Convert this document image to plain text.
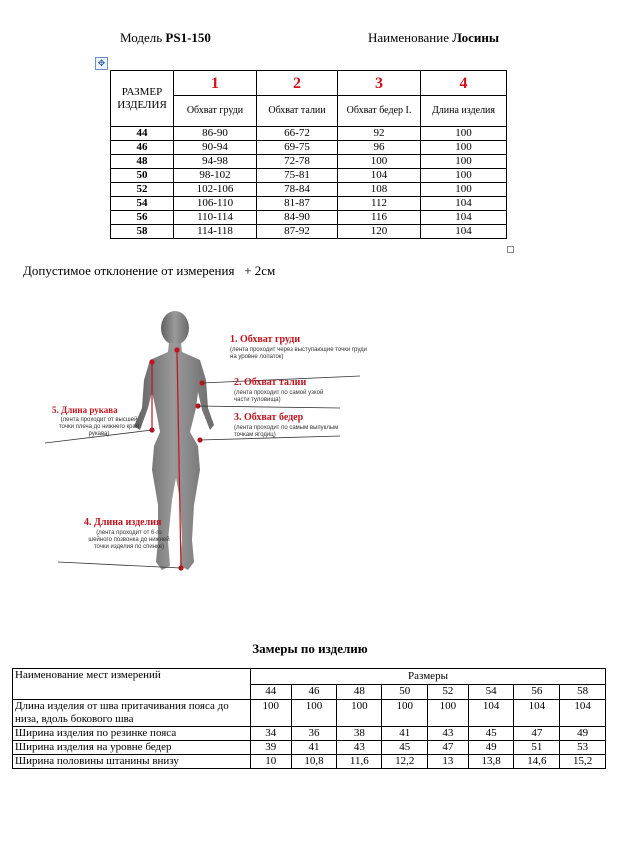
Модель PS1-150	Наименование Лосины
✥
РАЗМЕР ИЗДЕЛИЯ	1	2	3	4
	Обхват груди	Обхват талии	Обхват бедер I.	Длина изделия
44	86-90	66-72	92	100
46	90-94	69-75	96	100
48	94-98	72-78	100	100
50	98-102	75-81	104	100
52	102-106	78-84	108	100
54	106-110	81-87	112	104
56	110-114	84-90	116	104
58	114-118	87-92	120	104
Допустимое отклонение от измерения + 2см
1. Обхват груди
(лента проходит через выступающие точки груди на уровне лопаток)
2. Обхват талии
(лента проходит по самой узкой части туловища)
3. Обхват бедер
(лента проходит по самым выпуклым точкам ягодиц)
5. Длина рукава
(лента проходит от высшей точки плеча до нижнего края рукава)
4. Длина изделия
(лента проходит от 6-го шейного позвонка до нижней точки изделия по спинке)
Замеры по изделию
Наименование мест измерений	Размеры							
	44	46	48	50	52	54	56	58
Длина изделия от шва притачивания пояса до низа, вдоль бокового шва	100	100	100	100	100	104	104	104
Ширина изделия по резинке пояса	34	36	38	41	43	45	47	49
Ширина изделия на уровне бедер	39	41	43	45	47	49	51	53
Ширина половины штанины внизу	10	10,8	11,6	12,2	13	13,8	14,6	15,2
